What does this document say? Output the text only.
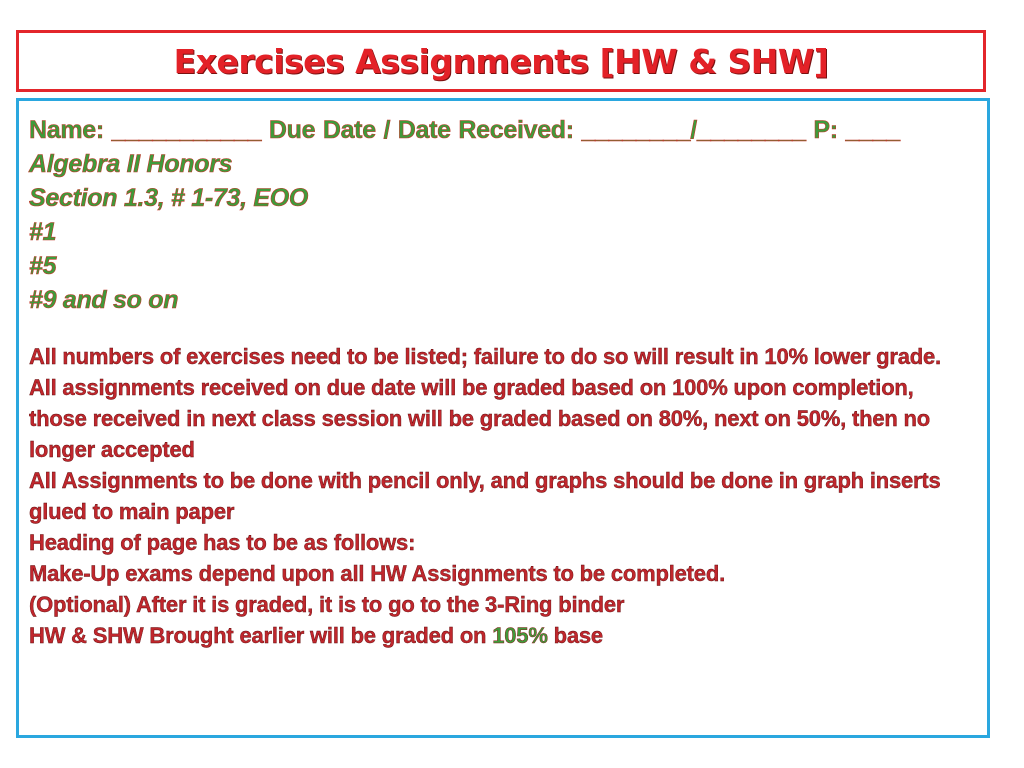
Exercises Assignments [HW & SHW]
Name: ___________ Due Date / Date Received: ________/________ P: ____
Algebra II Honors
Section 1.3, # 1-73, EOO
#1
#5
#9 and so on

All numbers of exercises need to be listed; failure to do so will result in 10% lower grade.

All assignments received on due date will be graded based on 100% upon completion, those received in next class session will be graded based on 80%, next on 50%, then no longer accepted

All Assignments to be done with pencil only, and graphs should be done in graph inserts glued to main paper

Heading of page has to be as follows:

Make-Up exams depend upon all HW Assignments to be completed.

(Optional) After it is graded, it is to go to the 3-Ring binder

HW & SHW Brought earlier will be graded on 105% base
